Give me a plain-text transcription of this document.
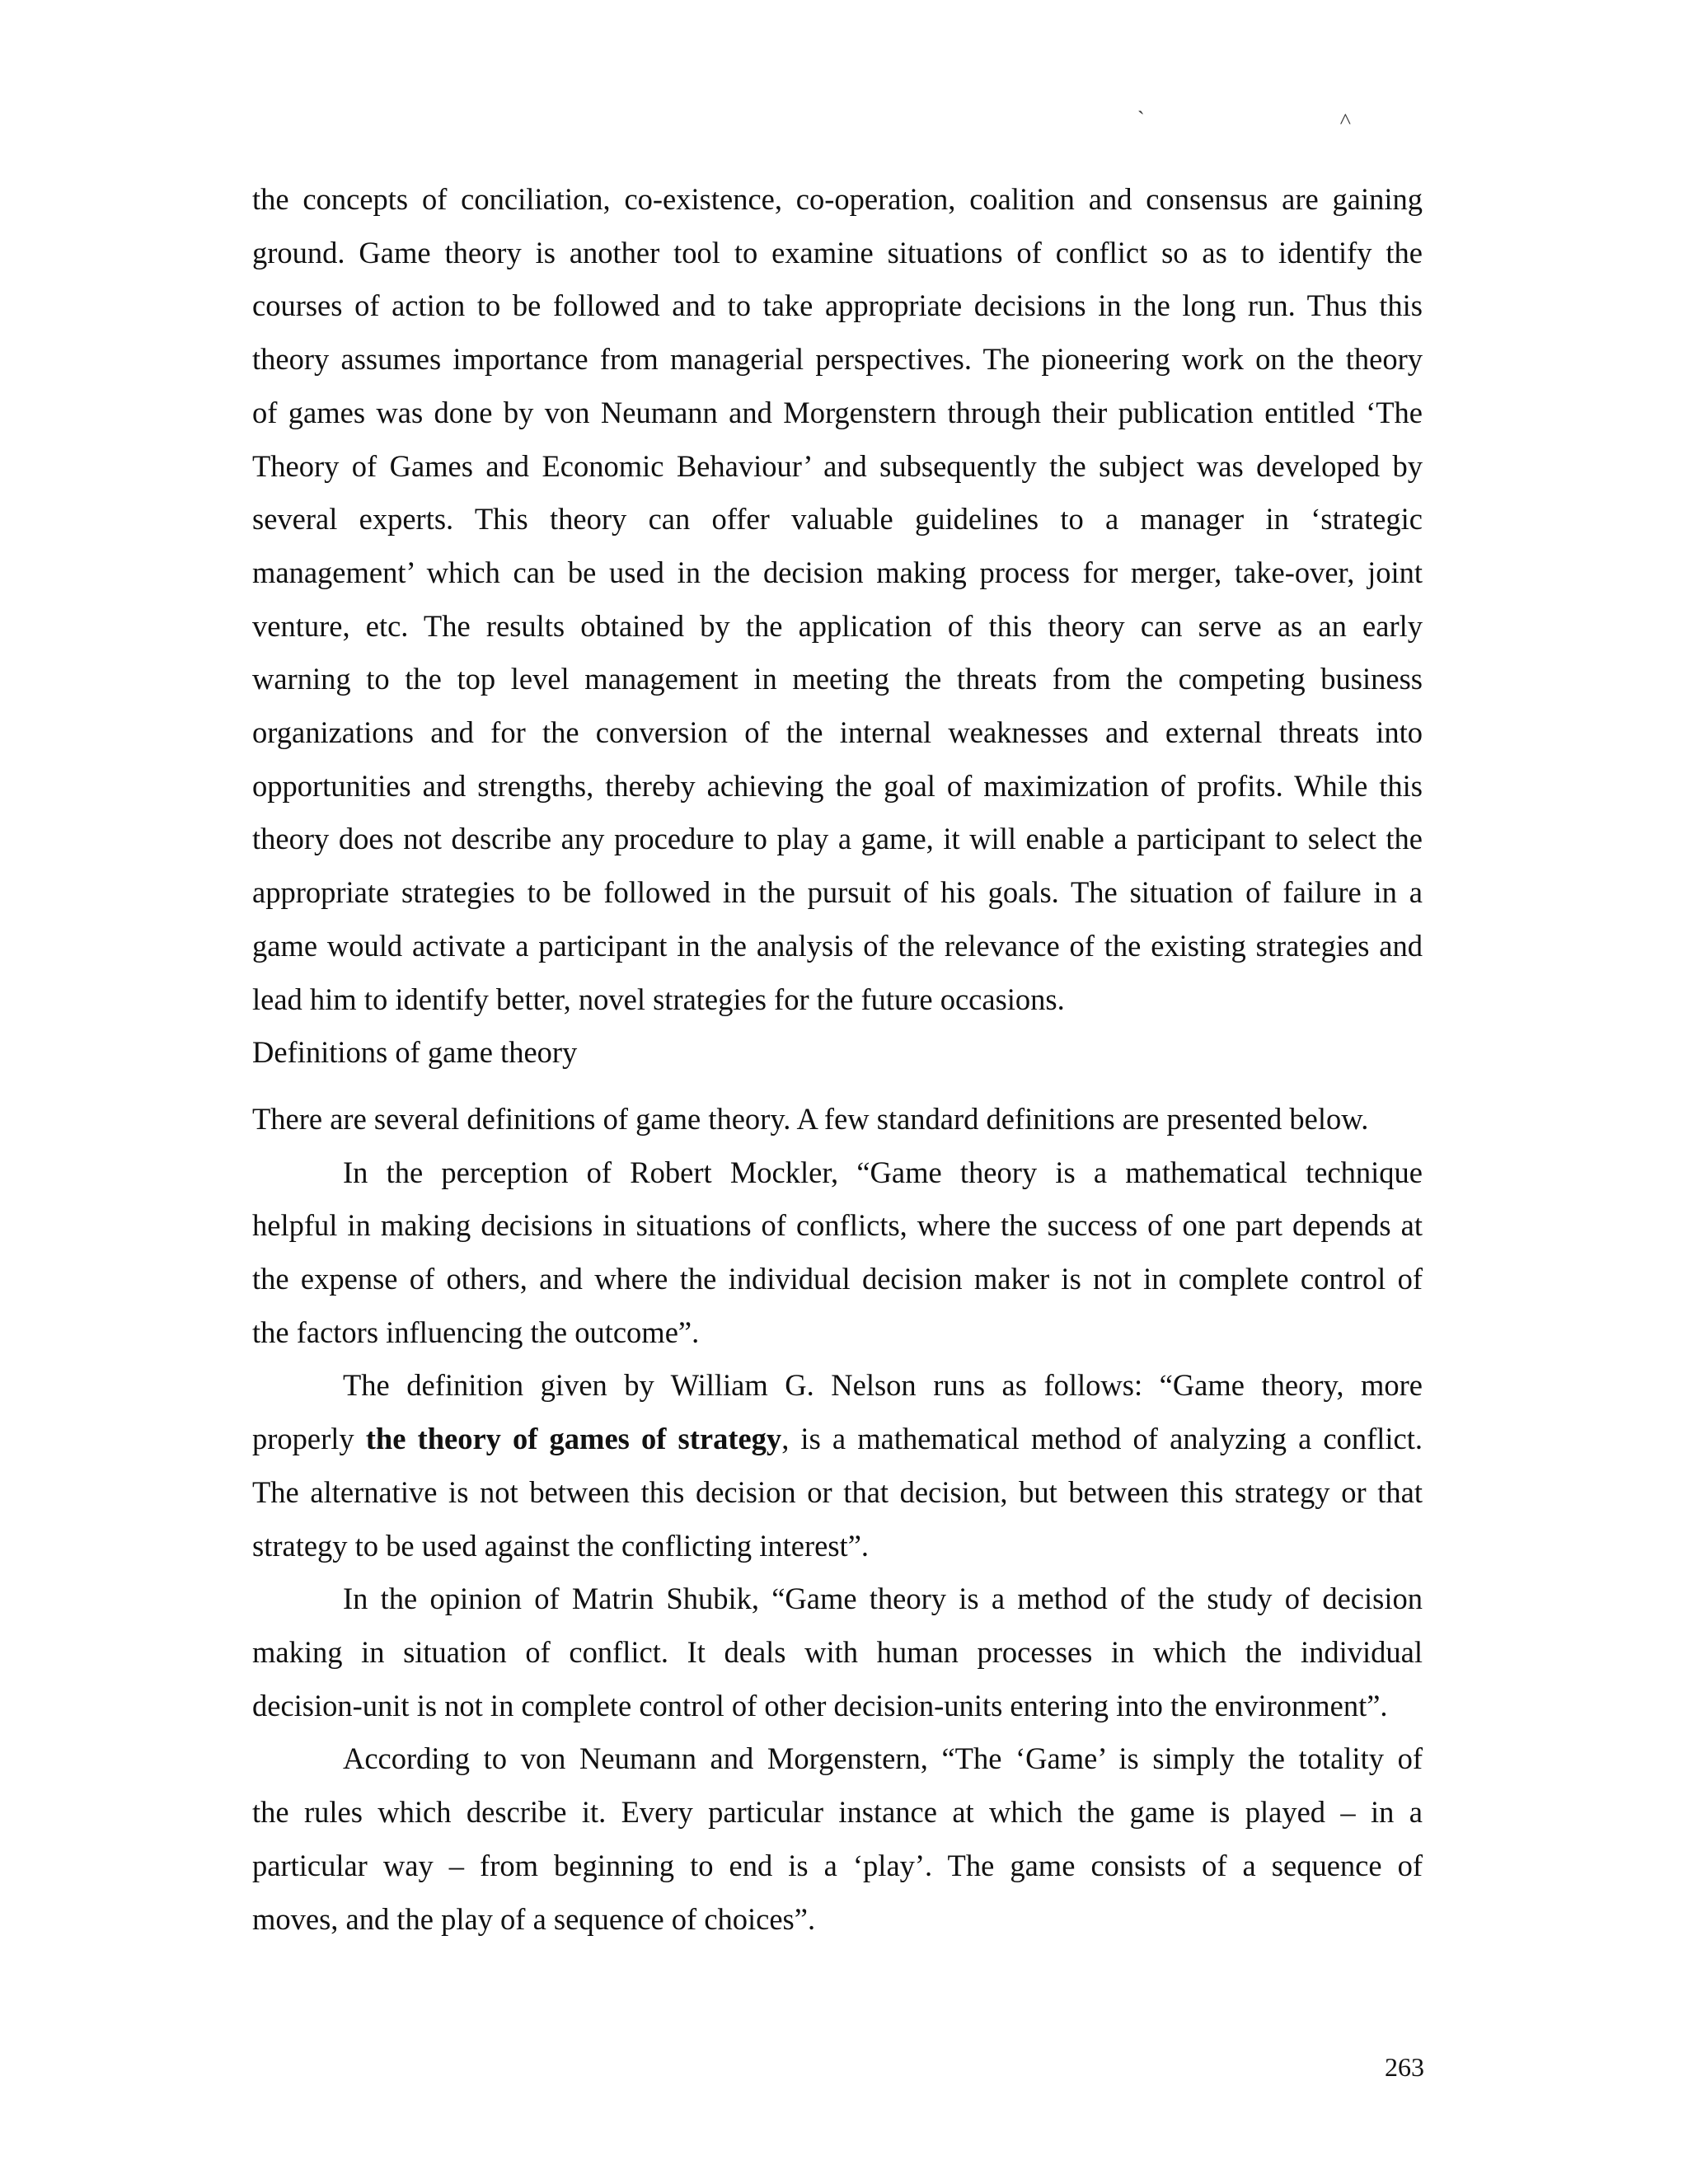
`	˄

the concepts of conciliation, co-existence, co-operation, coalition and consensus are gaining

ground. Game theory is another tool to examine situations of conflict so as to identify the

courses of action to be followed and to take appropriate decisions in the long run. Thus this

theory assumes importance from managerial perspectives. The pioneering work on the theory

of games was done by von Neumann and Morgenstern through their publication entitled ‘The

Theory of Games and Economic Behaviour’ and subsequently the subject was developed by

several experts. This theory can offer valuable guidelines to a manager in ‘strategic

management’ which can be used in the decision making process for merger, take-over, joint

venture, etc. The results obtained by the application of this theory can serve as an early

warning to the top level management in meeting the threats from the competing business

organizations and for the conversion of the internal weaknesses and external threats into

opportunities and strengths, thereby achieving the goal of maximization of profits. While this

theory does not describe any procedure to play a game, it will enable a participant to select the

appropriate strategies to be followed in the pursuit of his goals. The situation of failure in a

game would activate a participant in the analysis of the relevance of the existing strategies and

lead him to identify better, novel strategies for the future occasions.

Definitions of game theory

There are several definitions of game theory. A few standard definitions are presented below.

In the perception of Robert Mockler, “Game theory is a mathematical technique

helpful in making decisions in situations of conflicts, where the success of one part depends at

the expense of others, and where the individual decision maker is not in complete control of

the factors influencing the outcome”.

The definition given by William G. Nelson runs as follows: “Game theory, more

properly the theory of games of strategy, is a mathematical method of analyzing a conflict.

The alternative is not between this decision or that decision, but between this strategy or that

strategy to be used against the conflicting interest”.

In the opinion of Matrin Shubik, “Game theory is a method of the study of decision

making in situation of conflict. It deals with human processes in which the individual

decision-unit is not in complete control of other decision-units entering into the environment”.

According to von Neumann and Morgenstern, “The ‘Game’ is simply the totality of

the rules which describe it. Every particular instance at which the game is played – in a

particular way – from beginning to end is a ‘play’. The game consists of a sequence of

moves, and the play of a sequence of choices”.

263
